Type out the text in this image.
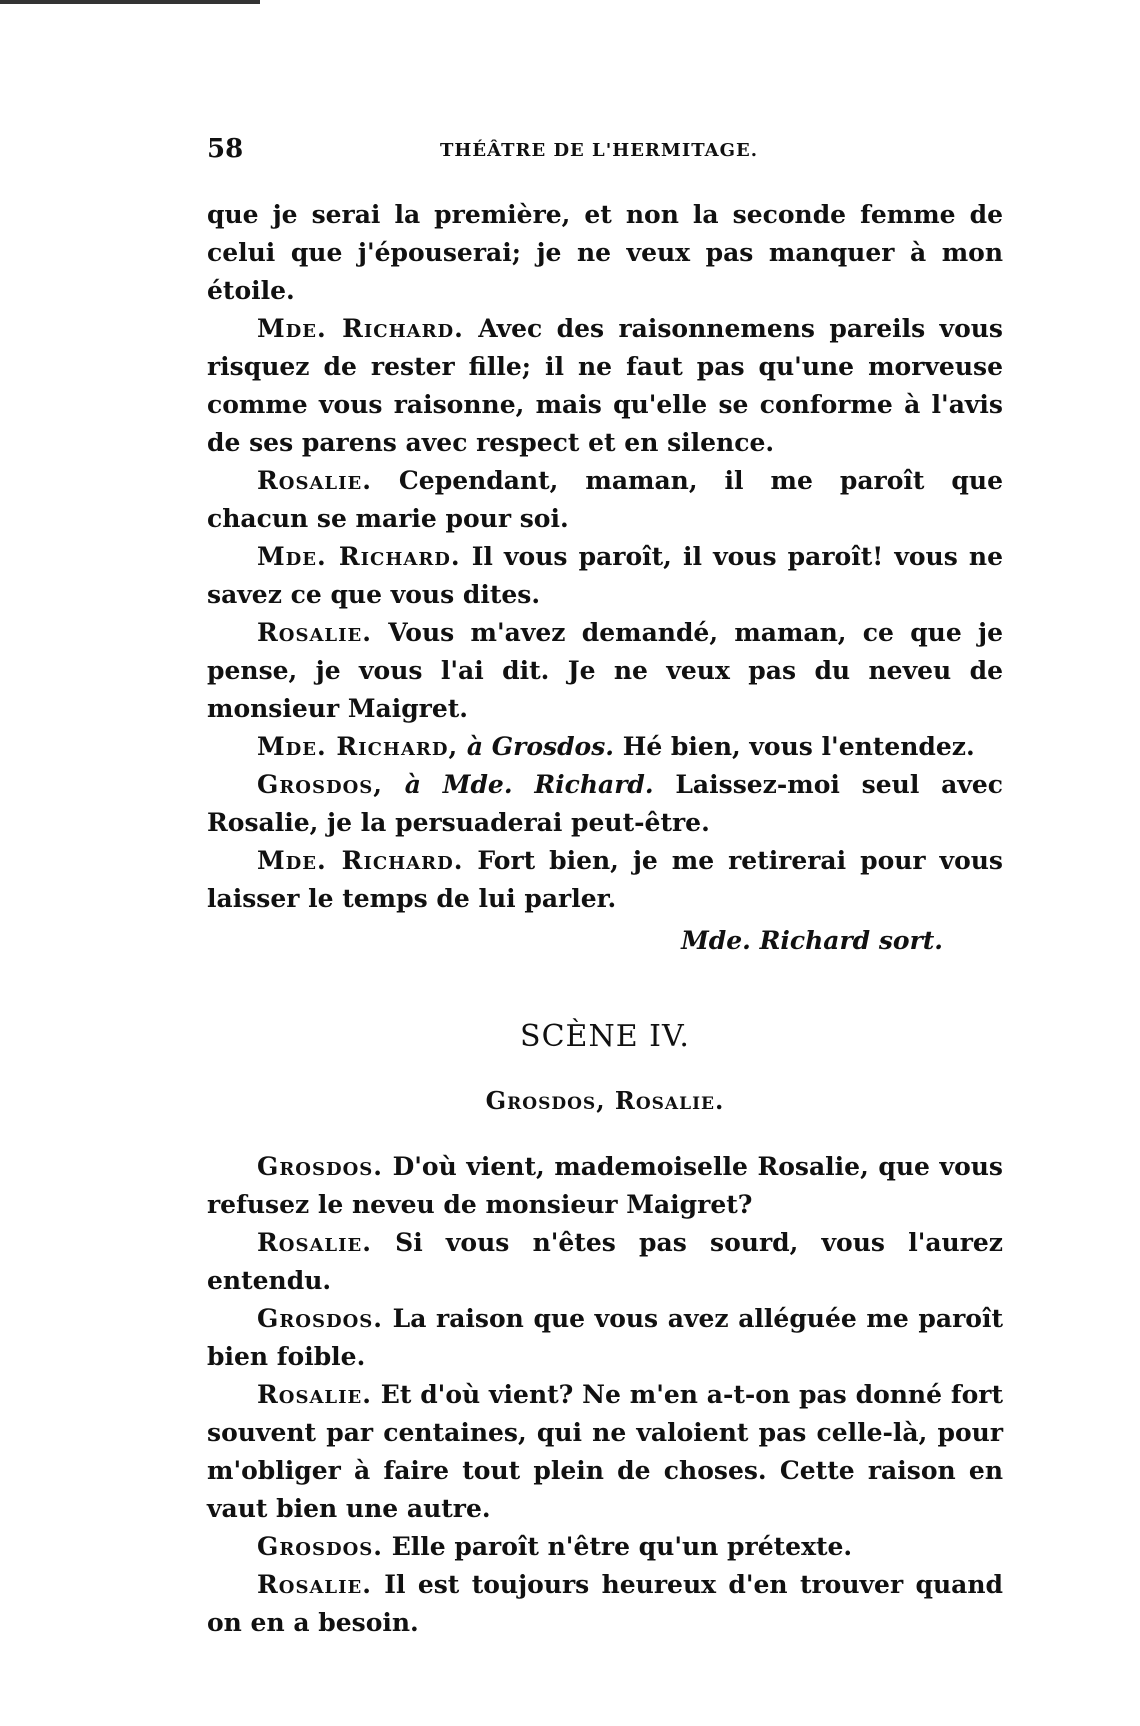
58	THÉÂTRE DE L'HERMITAGE.

que je serai la première, et non la seconde femme de celui que j'épouserai; je ne veux pas manquer à mon étoile.

Mde. Richard. Avec des raisonnemens pareils vous risquez de rester fille; il ne faut pas qu'une morveuse comme vous raisonne, mais qu'elle se conforme à l'avis de ses parens avec respect et en silence.

Rosalie. Cependant, maman, il me paroît que chacun se marie pour soi.

Mde. Richard. Il vous paroît, il vous paroît! vous ne savez ce que vous dites.

Rosalie. Vous m'avez demandé, maman, ce que je pense, je vous l'ai dit. Je ne veux pas du neveu de monsieur Maigret.

Mde. Richard, à Grosdos. Hé bien, vous l'entendez.

Grosdos, à Mde. Richard. Laissez-moi seul avec Rosalie, je la persuaderai peut-être.

Mde. Richard. Fort bien, je me retirerai pour vous laisser le temps de lui parler.

Mde. Richard sort.

SCÈNE IV.
Grosdos, Rosalie.

Grosdos. D'où vient, mademoiselle Rosalie, que vous refusez le neveu de monsieur Maigret?

Rosalie. Si vous n'êtes pas sourd, vous l'aurez entendu.

Grosdos. La raison que vous avez alléguée me paroît bien foible.

Rosalie. Et d'où vient? Ne m'en a-t-on pas donné fort souvent par centaines, qui ne valoient pas celle-là, pour m'obliger à faire tout plein de choses. Cette raison en vaut bien une autre.

Grosdos. Elle paroît n'être qu'un prétexte.

Rosalie. Il est toujours heureux d'en trouver quand on en a besoin.
